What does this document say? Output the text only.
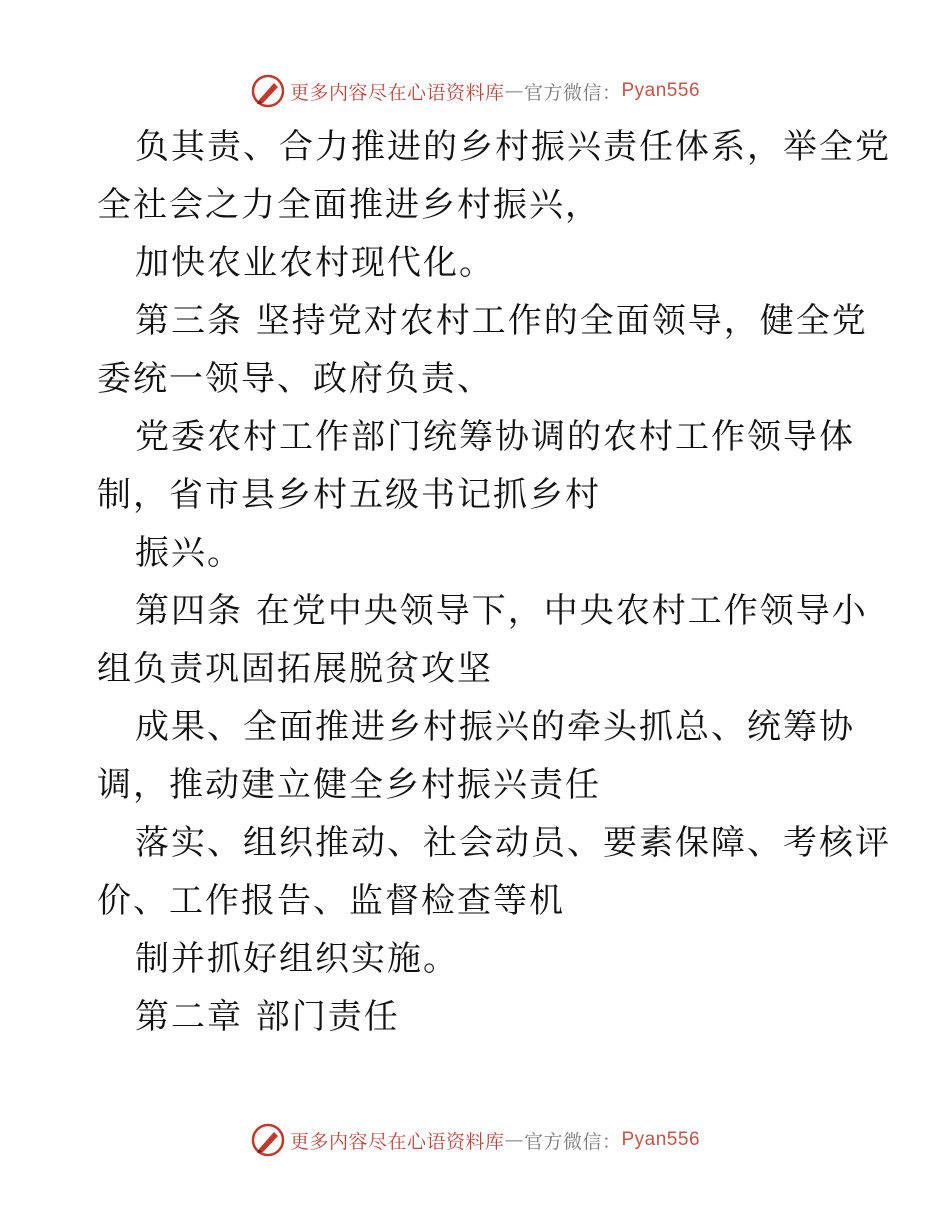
更多内容尽在心语资料库 — 官方微信： Pyan556
负其责、合力推进的乡村振兴责任体系，举全党
全社会之力全面推进乡村振兴，
加快农业农村现代化。
第三条 坚持党对农村工作的全面领导，健全党
委统一领导、政府负责、
党委农村工作部门统筹协调的农村工作领导体
制，省市县乡村五级书记抓乡村
振兴。
第四条 在党中央领导下，中央农村工作领导小
组负责巩固拓展脱贫攻坚
成果、全面推进乡村振兴的牵头抓总、统筹协
调，推动建立健全乡村振兴责任
落实、组织推动、社会动员、要素保障、考核评
价、工作报告、监督检查等机
制并抓好组织实施。
第二章 部门责任
更多内容尽在心语资料库 — 官方微信： Pyan556
